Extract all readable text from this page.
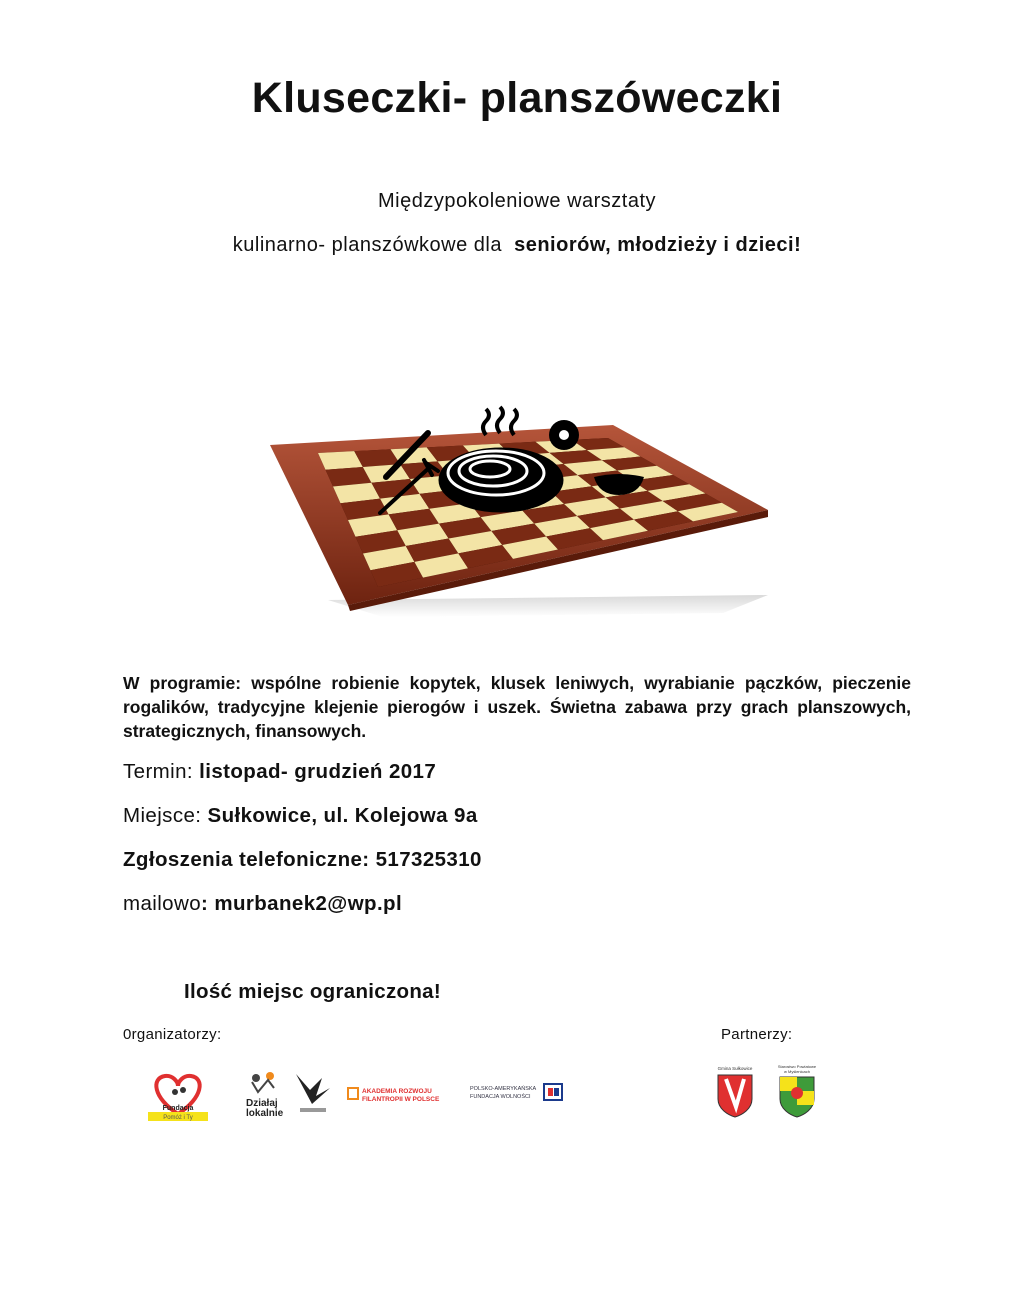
Kluseczki- planszóweczki
Międzypokoleniowe warsztaty
kulinarno- planszówkowe dla seniorów, młodzieży i dzieci!
W programie: wspólne robienie kopytek, klusek leniwych, wyrabianie pączków, pieczenie rogalików, tradycyjne klejenie pierogów i uszek. Świetna zabawa przy grach planszowych, strategicznych, finansowych.
Termin: listopad- grudzień 2017
Miejsce: Sułkowice, ul. Kolejowa 9a
Zgłoszenia telefoniczne: 517325310
mailowo: murbanek2@wp.pl
Ilość miejsc ograniczona!
0rganizatorzy:	Partnerzy:
Fundacja
Pomóż i Ty
Działaj
lokalnie
AKADEMIA ROZWOJU
FILANTROPII W POLSCE
POLSKO-AMERYKAŃSKA
FUNDACJA WOLNOŚCI
Gmina Sułkowice	Starostwo Powiatowe
w Myślenicach
